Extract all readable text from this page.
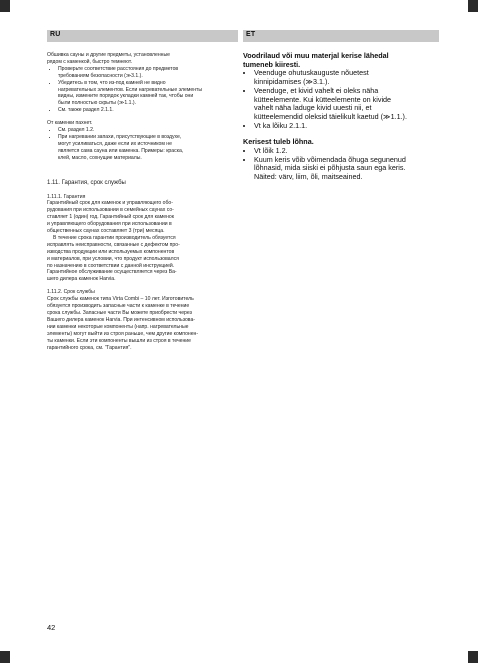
RU

Обшивка сауны и другие предметы, установленные
рядом с каменкой, быстро темнеют.

• Проверьте соответствие расстояния до предметов
требованиям безопасности (≫3.1.).
• Убедитесь в том, что из-под камней не видно
нагревательных элементов. Если нагревательные элементы
видны, измените порядок укладки камней так, чтобы они
были полностью скрыты (≫1.1.).
• См. также раздел 2.1.1.

От каменки пахнет.

• См. раздел 1.2.
• При нагревании запахи, присутствующие в воздухе,
могут усиливаться, даже если их источником не
является сама сауна или каменка. Примеры: краска,
клей, масло, сохнущие материалы.
1.11. Гарантия, срок службы

1.11.1. Гарантия

Гарантийный срок для каменок и управляющего обо-
рудования при использовании в семейных саунах со-
ставляет 1 (один) год. Гарантийный срок для каменок
и управляющего оборудования при использовании в
общественных саунах составляет 3 (три) месяца.

В течение срока гарантии производитель обязуется
исправлять неисправности, связанные с дефектом про-
изводства продукции или используемых компонентов
и материалов, при условии, что продукт использовался
по назначению в соответствии с данной инструкцией.
Гарантийное обслуживание осуществляется через Ва-
шего дилера каменок Harvia.

1.11.2. Срок службы

Срок службы каменок типа Virta Combi – 10 лет. Изготовитель
обязуется производить запасные части к каменке в течение
срока службы. Запасные части Вы можете приобрести через
Вашего дилера каменок Harvia. При интенсивном использова-
нии каменки некоторые компоненты (напр. нагревательные
элементы) могут выйти из строя раньше, чем другие компонен-
ты каменки. Если эти компоненты вышли из строя в течение
гарантийного срока, см. "Гарантия".

ET

Voodrilaud või muu materjal kerise lähedal
tumeneb kiiresti.

• Veenduge ohutuskauguste nõuetest
kinnipidamises (≫3.1.).
• Veenduge, et kivid vahelt ei oleks näha
kütteelemente. Kui kütteelemente on kivide
vahelt näha laduge kivid uuesti nii, et
kütteelemendid oleksid täielikult kaetud (≫1.1.).
• Vt ka lõiku 2.1.1.

Kerisest tuleb lõhna.

• Vt lõik 1.2.
• Kuum keris võib võimendada õhuga segunenud
lõhnasid, mida siiski ei põhjusta saun ega keris.
Näited: värv, liim, õli, maitseained.
42
